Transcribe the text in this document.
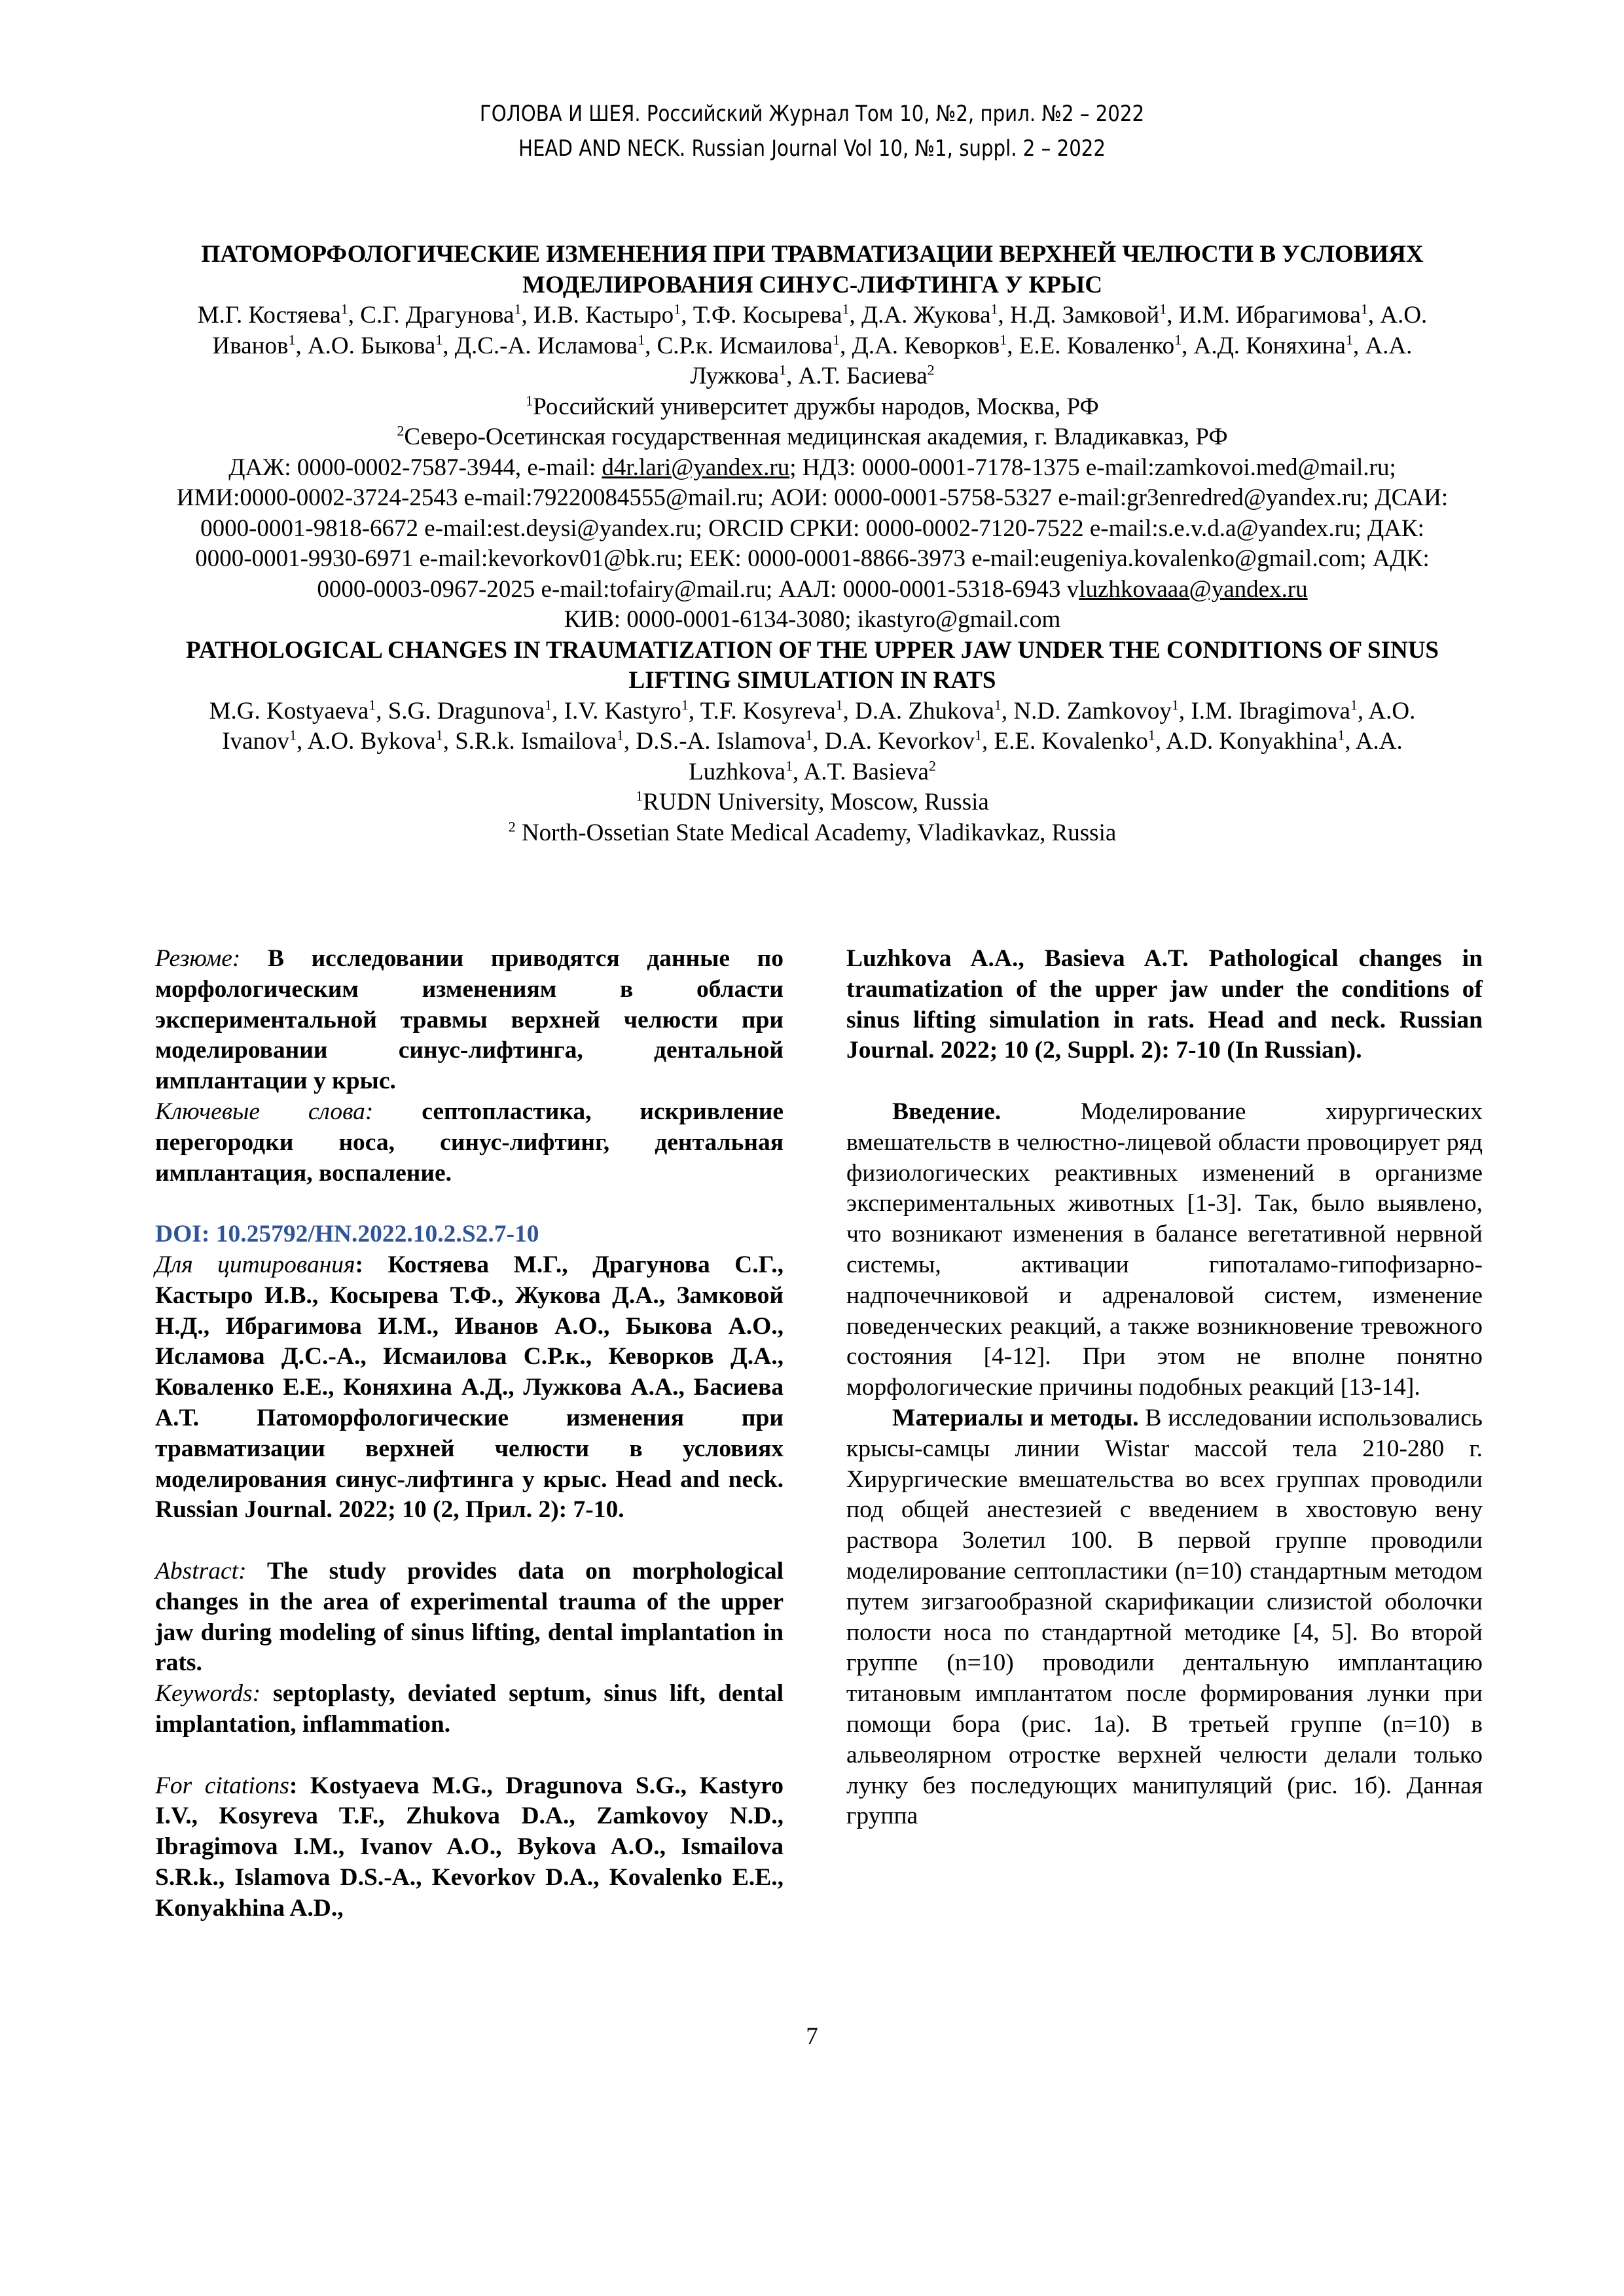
ГОЛОВА И ШЕЯ. Российский Журнал Том 10, №2, прил. №2 – 2022
HEAD AND NECK. Russian Journal Vol 10, №1, suppl. 2 – 2022
ПАТОМОРФОЛОГИЧЕСКИЕ ИЗМЕНЕНИЯ ПРИ ТРАВМАТИЗАЦИИ ВЕРХНЕЙ ЧЕЛЮСТИ В УСЛОВИЯХ МОДЕЛИРОВАНИЯ СИНУС-ЛИФТИНГА У КРЫС
М.Г. Костяева$^1$, С.Г. Драгунова$^1$, И.В. Кастыро$^1$, Т.Ф. Косырева$^1$, Д.А. Жукова$^1$, Н.Д. Замковой$^1$, И.М. Ибрагимова$^1$, А.О. Иванов$^1$, А.О. Быкова$^1$, Д.С.-А. Исламова$^1$, С.Р.к. Исмаилова$^1$, Д.А. Кеворков$^1$, Е.Е. Коваленко$^1$, А.Д. Коняхина$^1$, А.А. Лужкова$^1$, А.Т. Басиева$^2$
$^1$Российский университет дружбы народов, Москва, РФ
$^2$Северо-Осетинская государственная медицинская академия, г. Владикавказ, РФ
ДАЖ: 0000-0002-7587-3944, e-mail: d4r.lari@yandex.ru; НДЗ: 0000-0001-7178-1375 e-mail:zamkovoi.med@mail.ru; ИМИ:0000-0002-3724-2543 e-mail:79220084555@mail.ru; АОИ: 0000-0001-5758-5327 e-mail:gr3enredred@yandex.ru; ДСАИ: 0000-0001-9818-6672 e-mail:est.deysi@yandex.ru; ORCID СРКИ: 0000-0002-7120-7522 e-mail:s.e.v.d.a@yandex.ru; ДАК: 0000-0001-9930-6971 e-mail:kevorkov01@bk.ru; ЕЕК: 0000-0001-8866-3973 e-mail:eugeniya.kovalenko@gmail.com; АДК: 0000-0003-0967-2025 e-mail:tofairy@mail.ru; ААЛ: 0000-0001-5318-6943 vluzhkovaaa@yandex.ru
КИВ: 0000-0001-6134-3080; ikastyro@gmail.com
PATHOLOGICAL CHANGES IN TRAUMATIZATION OF THE UPPER JAW UNDER THE CONDITIONS OF SINUS LIFTING SIMULATION IN RATS
M.G. Kostyaeva$^1$, S.G. Dragunova$^1$, I.V. Kastyro$^1$, T.F. Kosyreva$^1$, D.A. Zhukova$^1$, N.D. Zamkovoy$^1$, I.M. Ibragimova$^1$, A.O. Ivanov$^1$, A.O. Bykova$^1$, S.R.k. Ismailova$^1$, D.S.-A. Islamova$^1$, D.A. Kevorkov$^1$, E.E. Kovalenko$^1$, A.D. Konyakhina$^1$, A.A. Luzhkova$^1$, A.T. Basieva$^2$
$^1$RUDN University, Moscow, Russia
$^2$ North-Ossetian State Medical Academy, Vladikavkaz, Russia

Резюме: В исследовании приводятся данные по морфологическим изменениям в области экспериментальной травмы верхней челюсти при моделировании синус-лифтинга, дентальной имплантации у крыс.

Ключевые слова: септопластика, искривление перегородки носа, синус-лифтинг, дентальная имплантация, воспаление.

DOI: 10.25792/HN.2022.10.2.S2.7-10

Для цитирования: Костяева М.Г., Драгунова С.Г., Кастыро И.В., Косырева Т.Ф., Жукова Д.А., Замковой Н.Д., Ибрагимова И.М., Иванов А.О., Быкова А.О., Исламова Д.С.-А., Исмаилова С.Р.к., Кеворков Д.А., Коваленко Е.Е., Коняхина А.Д., Лужкова А.А., Басиева А.Т. Патоморфологические изменения при травматизации верхней челюсти в условиях моделирования синус-лифтинга у крыс. Head and neck. Russian Journal. 2022; 10 (2, Прил. 2): 7-10.

Abstract: The study provides data on morphological changes in the area of experimental trauma of the upper jaw during modeling of sinus lifting, dental implantation in rats.

Keywords: septoplasty, deviated septum, sinus lift, dental implantation, inflammation.

For citations: Kostyaeva M.G., Dragunova S.G., Kastyro I.V., Kosyreva T.F., Zhukova D.A., Zamkovoy N.D., Ibragimova I.M., Ivanov A.O., Bykova A.O., Ismailova S.R.k., Islamova D.S.-A., Kevorkov D.A., Kovalenko E.E., Konyakhina A.D.,

Luzhkova A.A., Basieva A.T. Pathological changes in traumatization of the upper jaw under the conditions of sinus lifting simulation in rats. Head and neck. Russian Journal. 2022; 10 (2, Suppl. 2): 7-10 (In Russian).

Введение. Моделирование хирургических вмешательств в челюстно-лицевой области провоцирует ряд физиологических реактивных изменений в организме экспериментальных животных [1-3]. Так, было выявлено, что возникают изменения в балансе вегетативной нервной системы, активации гипоталамо-гипофизарно-надпочечниковой и адреналовой систем, изменение поведенческих реакций, а также возникновение тревожного состояния [4-12]. При этом не вполне понятно морфологические причины подобных реакций [13-14].

Материалы и методы. В исследовании использовались крысы-самцы линии Wistar массой тела 210-280 г. Хирургические вмешательства во всех группах проводили под общей анестезией с введением в хвостовую вену раствора Золетил 100. В первой группе проводили моделирование септопластики (n=10) стандартным методом путем зигзагообразной скарификации слизистой оболочки полости носа по стандартной методике [4, 5]. Во второй группе (n=10) проводили дентальную имплантацию титановым имплантатом после формирования лунки при помощи бора (рис. 1а). В третьей группе (n=10) в альвеолярном отростке верхней челюсти делали только лунку без последующих манипуляций (рис. 1б). Данная группа

7
